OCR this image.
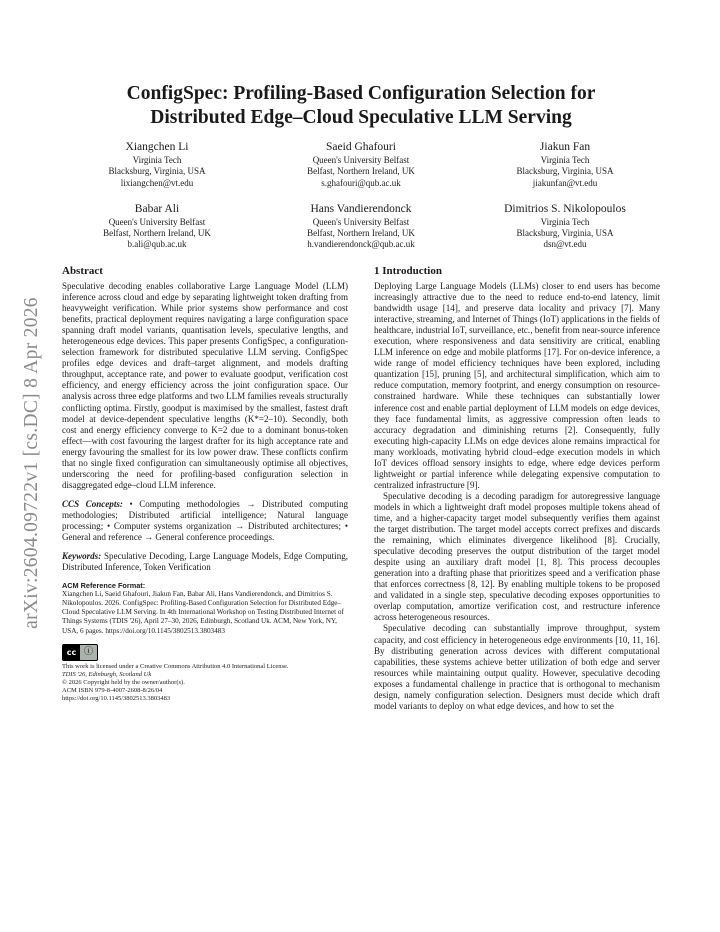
arXiv:2604.09722v1 [cs.DC] 8 Apr 2026
ConfigSpec: Profiling-Based Configuration Selection for
Distributed Edge–Cloud Speculative LLM Serving
Xiangchen Li
Virginia Tech
Blacksburg, Virginia, USA
lixiangchen@vt.edu
Saeid Ghafouri
Queen's University Belfast
Belfast, Northern Ireland, UK
s.ghafouri@qub.ac.uk
Jiakun Fan
Virginia Tech
Blacksburg, Virginia, USA
jiakunfan@vt.edu
Babar Ali
Queen's University Belfast
Belfast, Northern Ireland, UK
b.ali@qub.ac.uk
Hans Vandierendonck
Queen's University Belfast
Belfast, Northern Ireland, UK
h.vandierendonck@qub.ac.uk
Dimitrios S. Nikolopoulos
Virginia Tech
Blacksburg, Virginia, USA
dsn@vt.edu
Abstract

Speculative decoding enables collaborative Large Language Model (LLM) inference across cloud and edge by separating lightweight token drafting from heavyweight verification. While prior systems show performance and cost benefits, practical deployment requires navigating a large configuration space spanning draft model variants, quantisation levels, speculative lengths, and heterogeneous edge devices. This paper presents ConfigSpec, a configuration-selection framework for distributed speculative LLM serving. ConfigSpec profiles edge devices and draft–target alignment, and models drafting throughput, acceptance rate, and power to evaluate goodput, verification cost efficiency, and energy efficiency across the joint configuration space. Our analysis across three edge platforms and two LLM families reveals structurally conflicting optima. Firstly, goodput is maximised by the smallest, fastest draft model at device-dependent speculative lengths (K*=2–10). Secondly, both cost and energy efficiency converge to K=2 due to a dominant bonus-token effect—with cost favouring the largest drafter for its high acceptance rate and energy favouring the smallest for its low power draw. These conflicts confirm that no single fixed configuration can simultaneously optimise all objectives, underscoring the need for profiling-based configuration selection in disaggregated edge–cloud LLM inference.

CCS Concepts: • Computing methodologies → Distributed computing methodologies; Distributed artificial intelligence; Natural language processing; • Computer systems organization → Distributed architectures; • General and reference → General conference proceedings.

Keywords: Speculative Decoding, Large Language Models, Edge Computing, Distributed Inference, Token Verification

ACM Reference Format:
Xiangchen Li, Saeid Ghafouri, Jiakun Fan, Babar Ali, Hans Vandierendonck, and Dimitrios S. Nikolopoulos. 2026. ConfigSpec: Profiling-Based Configuration Selection for Distributed Edge–Cloud Speculative LLM Serving. In 4th International Workshop on Testing Distributed Internet of Things Systems (TDIS '26), April 27–30, 2026, Edinburgh, Scotland Uk. ACM, New York, NY, USA, 6 pages. https://doi.org/10.1145/3802513.3803483
cc ⓘ
This work is licensed under a Creative Commons Attribution 4.0 International License.
TDIS '26, Edinburgh, Scotland Uk
© 2026 Copyright held by the owner/author(s).
ACM ISBN 979-8-4007-2608-8/26/04
https://doi.org/10.1145/3802513.3803483
1 Introduction

Deploying Large Language Models (LLMs) closer to end users has become increasingly attractive due to the need to reduce end-to-end latency, limit bandwidth usage [14], and preserve data locality and privacy [7]. Many interactive, streaming, and Internet of Things (IoT) applications in the fields of healthcare, industrial IoT, surveillance, etc., benefit from near-source inference execution, where responsiveness and data sensitivity are critical, enabling LLM inference on edge and mobile platforms [17]. For on-device inference, a wide range of model efficiency techniques have been explored, including quantization [15], pruning [5], and architectural simplification, which aim to reduce computation, memory footprint, and energy consumption on resource-constrained hardware. While these techniques can substantially lower inference cost and enable partial deployment of LLM models on edge devices, they face fundamental limits, as aggressive compression often leads to accuracy degradation and diminishing returns [2]. Consequently, fully executing high-capacity LLMs on edge devices alone remains impractical for many workloads, motivating hybrid cloud–edge execution models in which IoT devices offload sensory insights to edge, where edge devices perform lightweight or partial inference while delegating expensive computation to centralized infrastructure [9].

Speculative decoding is a decoding paradigm for autoregressive language models in which a lightweight draft model proposes multiple tokens ahead of time, and a higher-capacity target model subsequently verifies them against the target distribution. The target model accepts correct prefixes and discards the remaining, which eliminates divergence likelihood [8]. Crucially, speculative decoding preserves the output distribution of the target model despite using an auxiliary draft model [1, 8]. This process decouples generation into a drafting phase that prioritizes speed and a verification phase that enforces correctness [8, 12]. By enabling multiple tokens to be proposed and validated in a single step, speculative decoding exposes opportunities to overlap computation, amortize verification cost, and restructure inference across heterogeneous resources.

Speculative decoding can substantially improve throughput, system capacity, and cost efficiency in heterogeneous edge environments [10, 11, 16]. By distributing generation across devices with different computational capabilities, these systems achieve better utilization of both edge and server resources while maintaining output quality. However, speculative decoding exposes a fundamental challenge in practice that is orthogonal to mechanism design, namely configuration selection. Designers must decide which draft model variants to deploy on what edge devices, and how to set the
